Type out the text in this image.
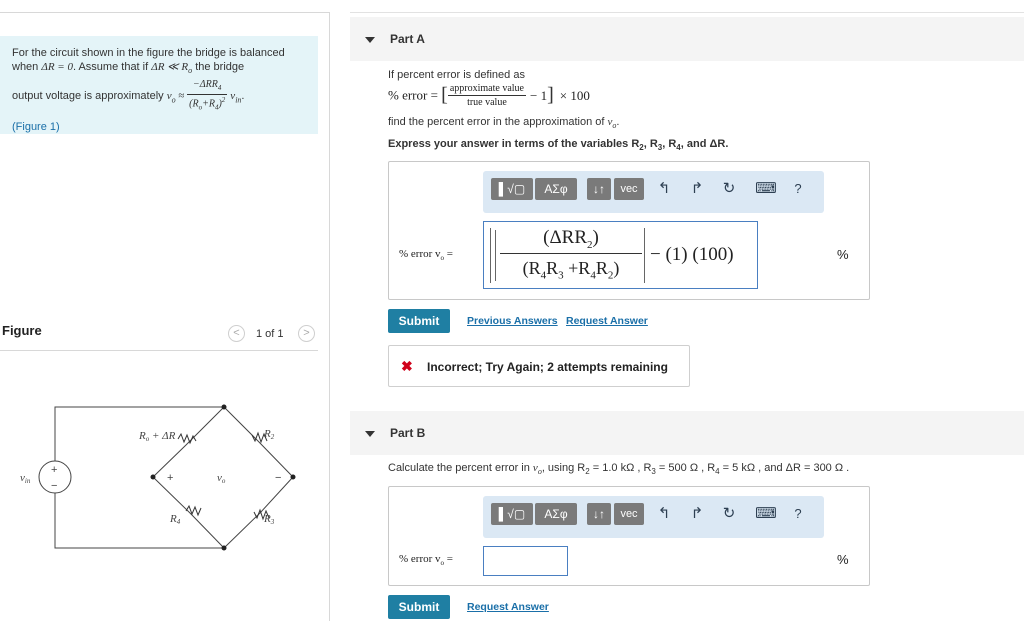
For the circuit shown in the figure the bridge is balanced
when ΔR = 0. Assume that if ΔR ≪ $R_o$ the bridge
output voltage is approximately $v_o \approx \frac{-\Delta RR_4}{(R_o+R_4)^2} v_{in}$.
(Figure 1)
Figure	<	1 of 1	>
Ro + ΔR	R2
R4	R3
vin	vo
+	−
+
−
Part A
If percent error is defined as
% error = [ $\frac{\text{approximate value}}{\text{true value}} - 1] \times 100$
find the percent error in the approximation of $v_o$.
Express your answer in terms of the variables $R_2$, $R_3$, $R_4$, and ΔR.
▌√▢	ΑΣφ	↓↑	vec	↰ ↱ ↻ ⌨	?
% error $v_o$ =
$(\Delta RR_2)$
$(R_4R_3 +R_4R_2)$
− (1) (100)	%
Submit	Previous Answers Request Answer
✖ Incorrect; Try Again; 2 attempts remaining
Part B
Calculate the percent error in $v_o$, using $R_2 = 1.0$ kΩ , $R_3 = 500$ Ω , $R_4 = 5$ kΩ , and ΔR = 300 Ω .
▌√▢	ΑΣφ	↓↑	vec	↰ ↱ ↻ ⌨	?
% error $v_o$ =	%
Submit	Request Answer
